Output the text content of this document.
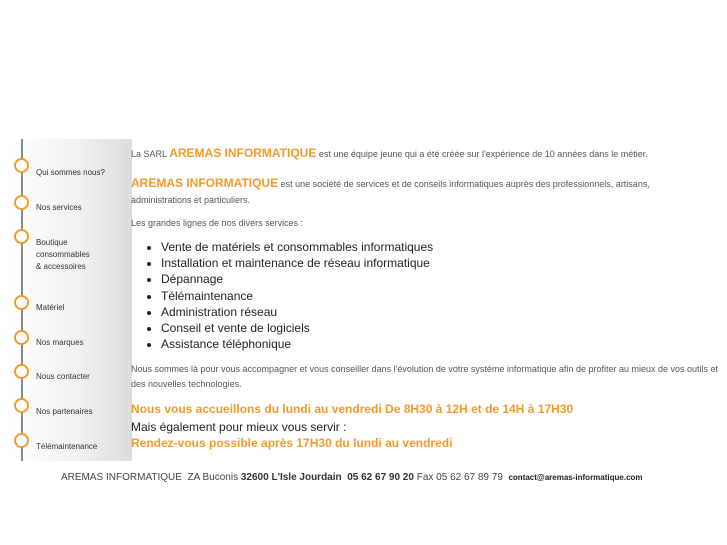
Qui sommes nous?
Nos services
Boutique
consommables
& accessoires
Matériel
Nos marques
Nous contacter
Nos partenaires
Télémaintenance
La SARL AREMAS INFORMATIQUE est une équipe jeune qui a été créée sur l'expérience de 10 années dans le métier.
AREMAS INFORMATIQUE est une société de services et de conseils informatiques auprès des professionnels, artisans, administrations et particuliers.
Les grandes lignes de nos divers services :
• Vente de matériels et consommables informatiques
• Installation et maintenance de réseau informatique
• Dépannage
• Télémaintenance
• Administration réseau
• Conseil et vente de logiciels
• Assistance téléphonique
Nous sommes là pour vous accompagner et vous conseiller dans l'évolution de votre système informatique afin de profiter au mieux de vos outils et des nouvelles technologies.
Nous vous accueillons du lundi au vendredi De 8H30 à 12H et de 14H à 17H30
Mais également pour mieux vous servir :
Rendez-vous possible après 17H30 du lundi au vendredi
AREMAS INFORMATIQUE ZA Buconis 32600 L'Isle Jourdain 05 62 67 90 20 Fax 05 62 67 89 79 contact@aremas-informatique.com
